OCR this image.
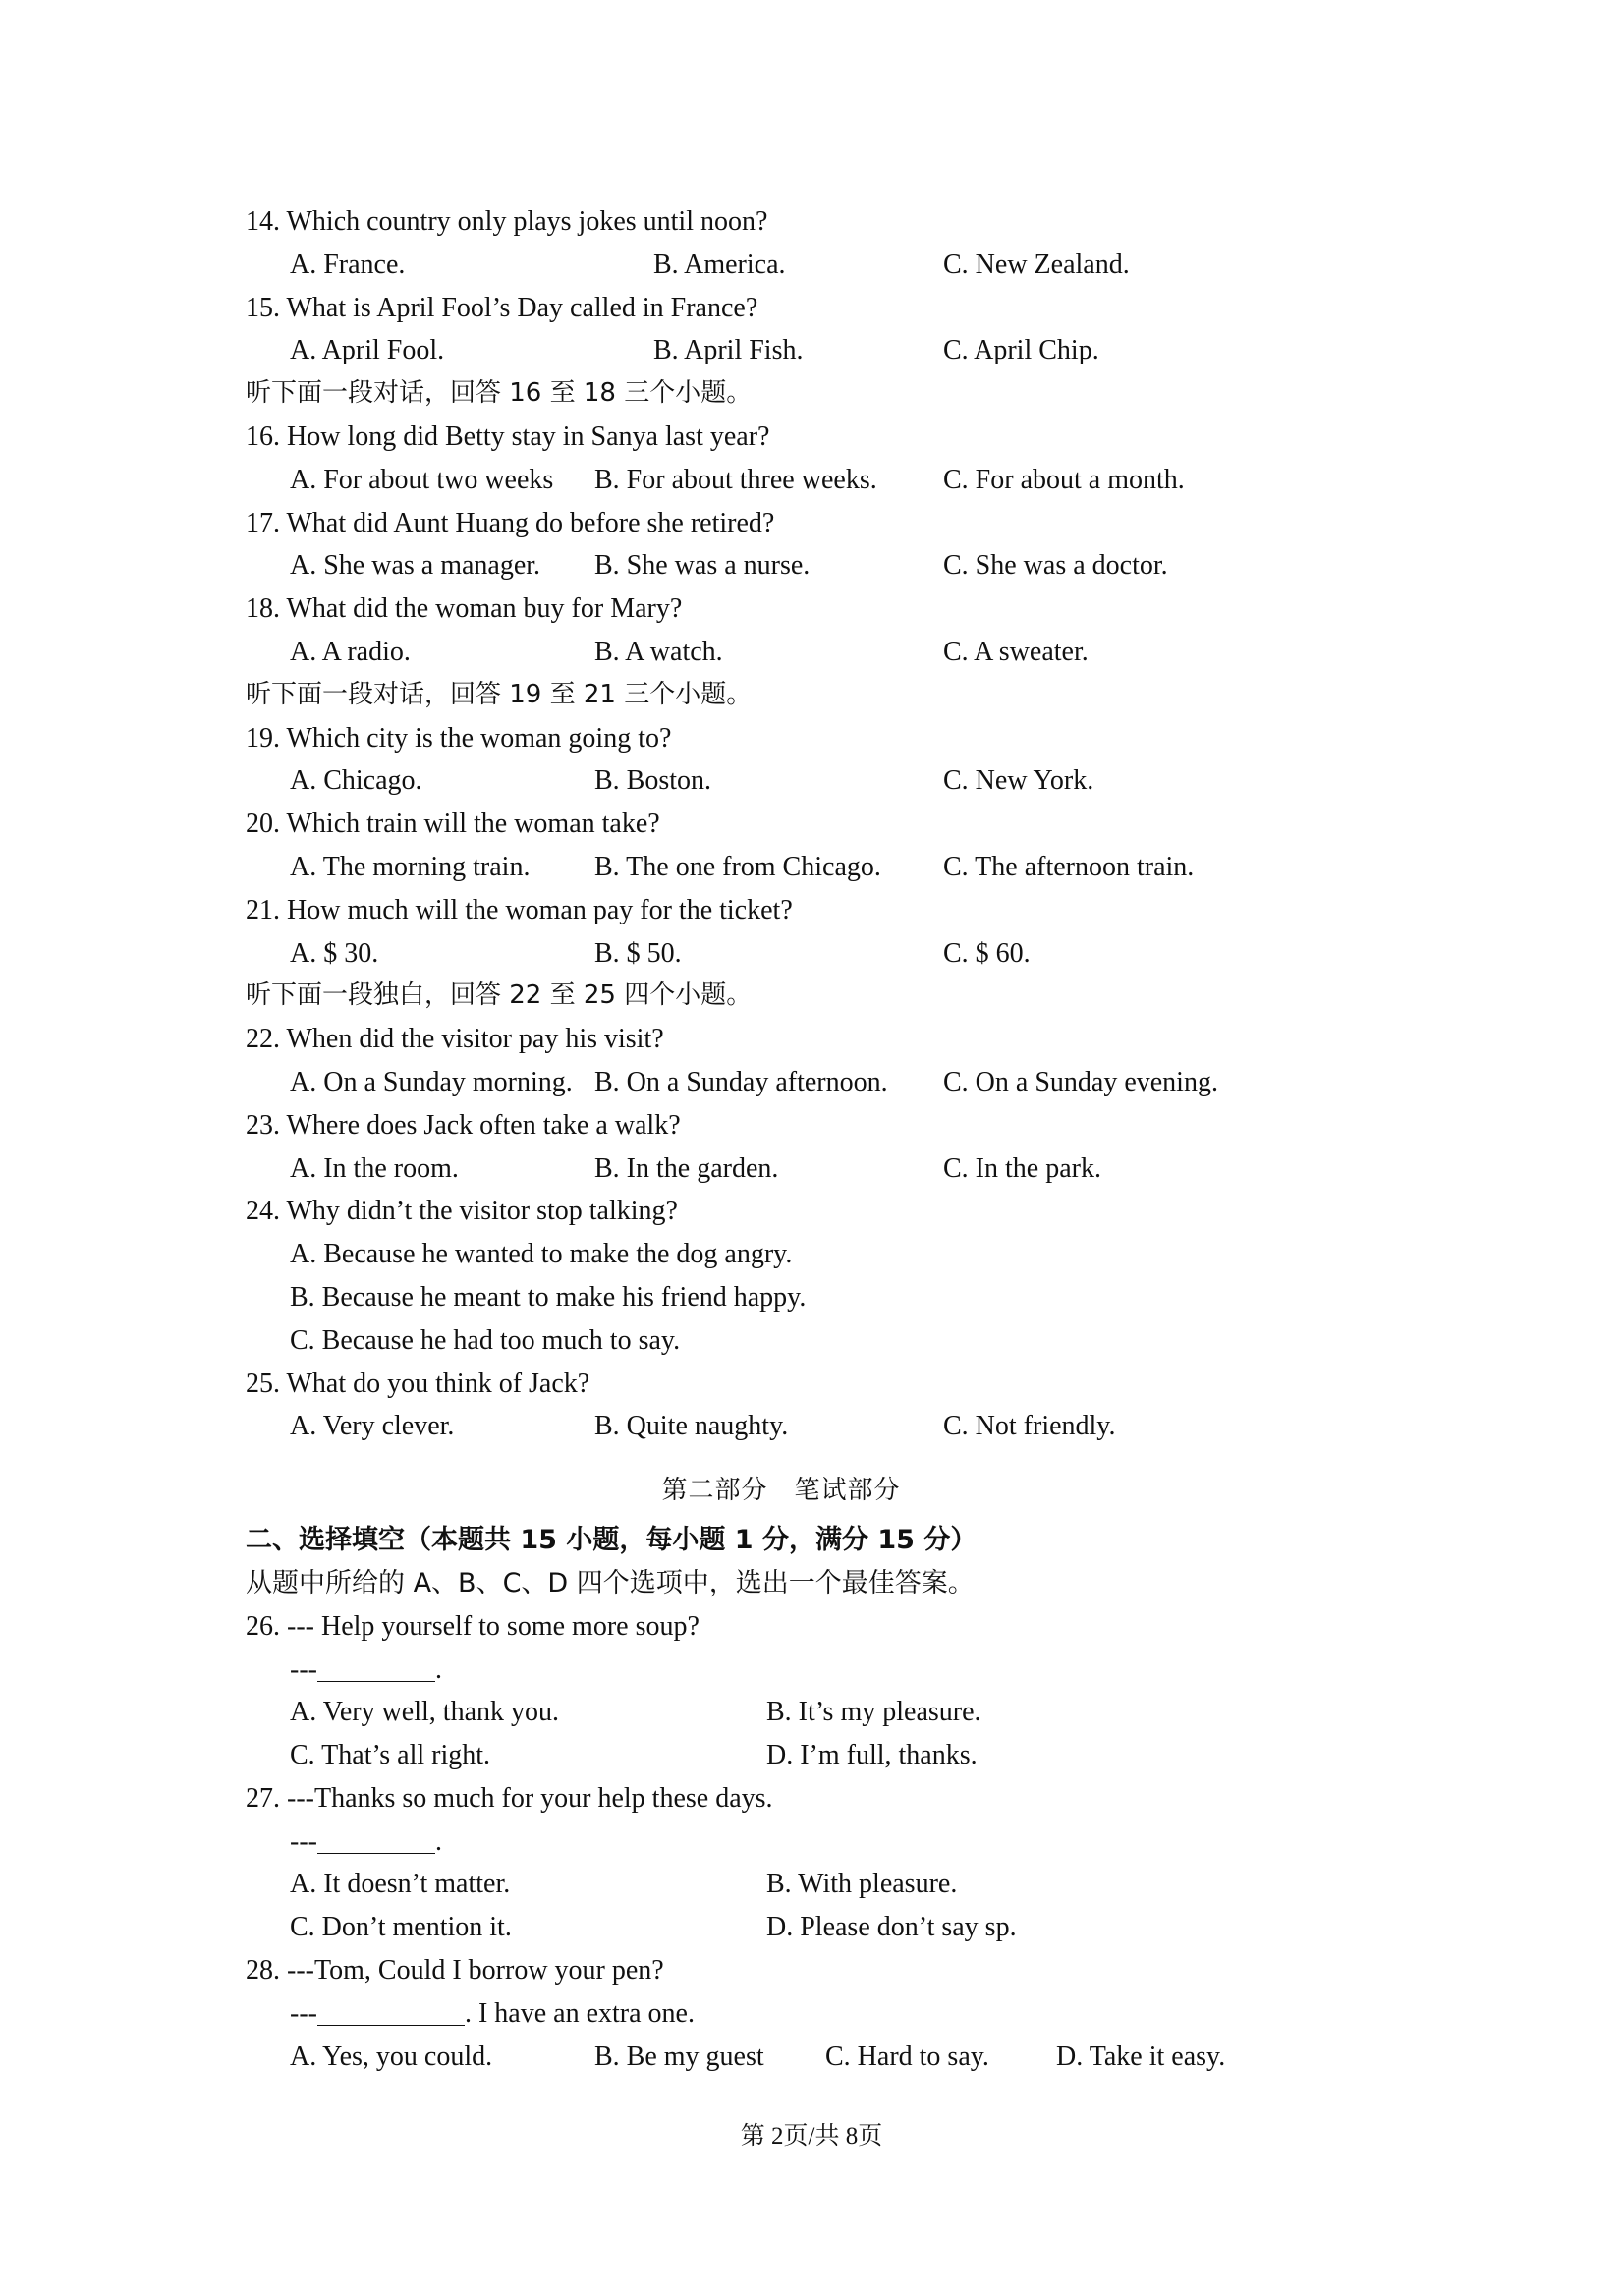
14. Which country only plays jokes until noon?
A. France.	B. America.	C. New Zealand.
15. What is April Fool’s Day called in France?
A. April Fool.	B. April Fish.	C. April Chip.
听下面一段对话，回答 16 至 18 三个小题。
16. How long did Betty stay in Sanya last year?
A. For about two weeks B. For about three weeks. C. For about a month.
17. What did Aunt Huang do before she retired?
A. She was a manager. B. She was a nurse.	C. She was a doctor.
18. What did the woman buy for Mary?
A. A radio.	B. A watch.	C. A sweater.
听下面一段对话，回答 19 至 21 三个小题。
19. Which city is the woman going to?
A. Chicago.	B. Boston.	C. New York.
20. Which train will the woman take?
A. The morning train. B. The one from Chicago. C. The afternoon train.
21. How much will the woman pay for the ticket?
A. $ 30.	B. $ 50.	C. $ 60.
听下面一段独白，回答 22 至 25 四个小题。
22. When did the visitor pay his visit?
A. On a Sunday morning. B. On a Sunday afternoon. C. On a Sunday evening.
23. Where does Jack often take a walk?
A. In the room.	B. In the garden.	C. In the park.
24. Why didn’t the visitor stop talking?
A. Because he wanted to make the dog angry.
B. Because he meant to make his friend happy.
C. Because he had too much to say.
25. What do you think of Jack?
A. Very clever.	B. Quite naughty.	C. Not friendly.
第二部分　笔试部分
二、选择填空（本题共 15 小题，每小题 1 分，满分 15 分）
从题中所给的 A、B、C、D 四个选项中，选出一个最佳答案。
26. --- Help yourself to some more soup?
---	.
A. Very well, thank you.	B. It’s my pleasure.
C. That’s all right.	D. I’m full, thanks.
27. ---Thanks so much for your help these days.
---	.
A. It doesn’t matter.	B. With pleasure.
C. Don’t mention it.	D. Please don’t say sp.
28. ---Tom, Could I borrow your pen?
---	. I have an extra one.
A. Yes, you could.	B. Be my guest C. Hard to say. D. Take it easy.
第 2页/共 8页
